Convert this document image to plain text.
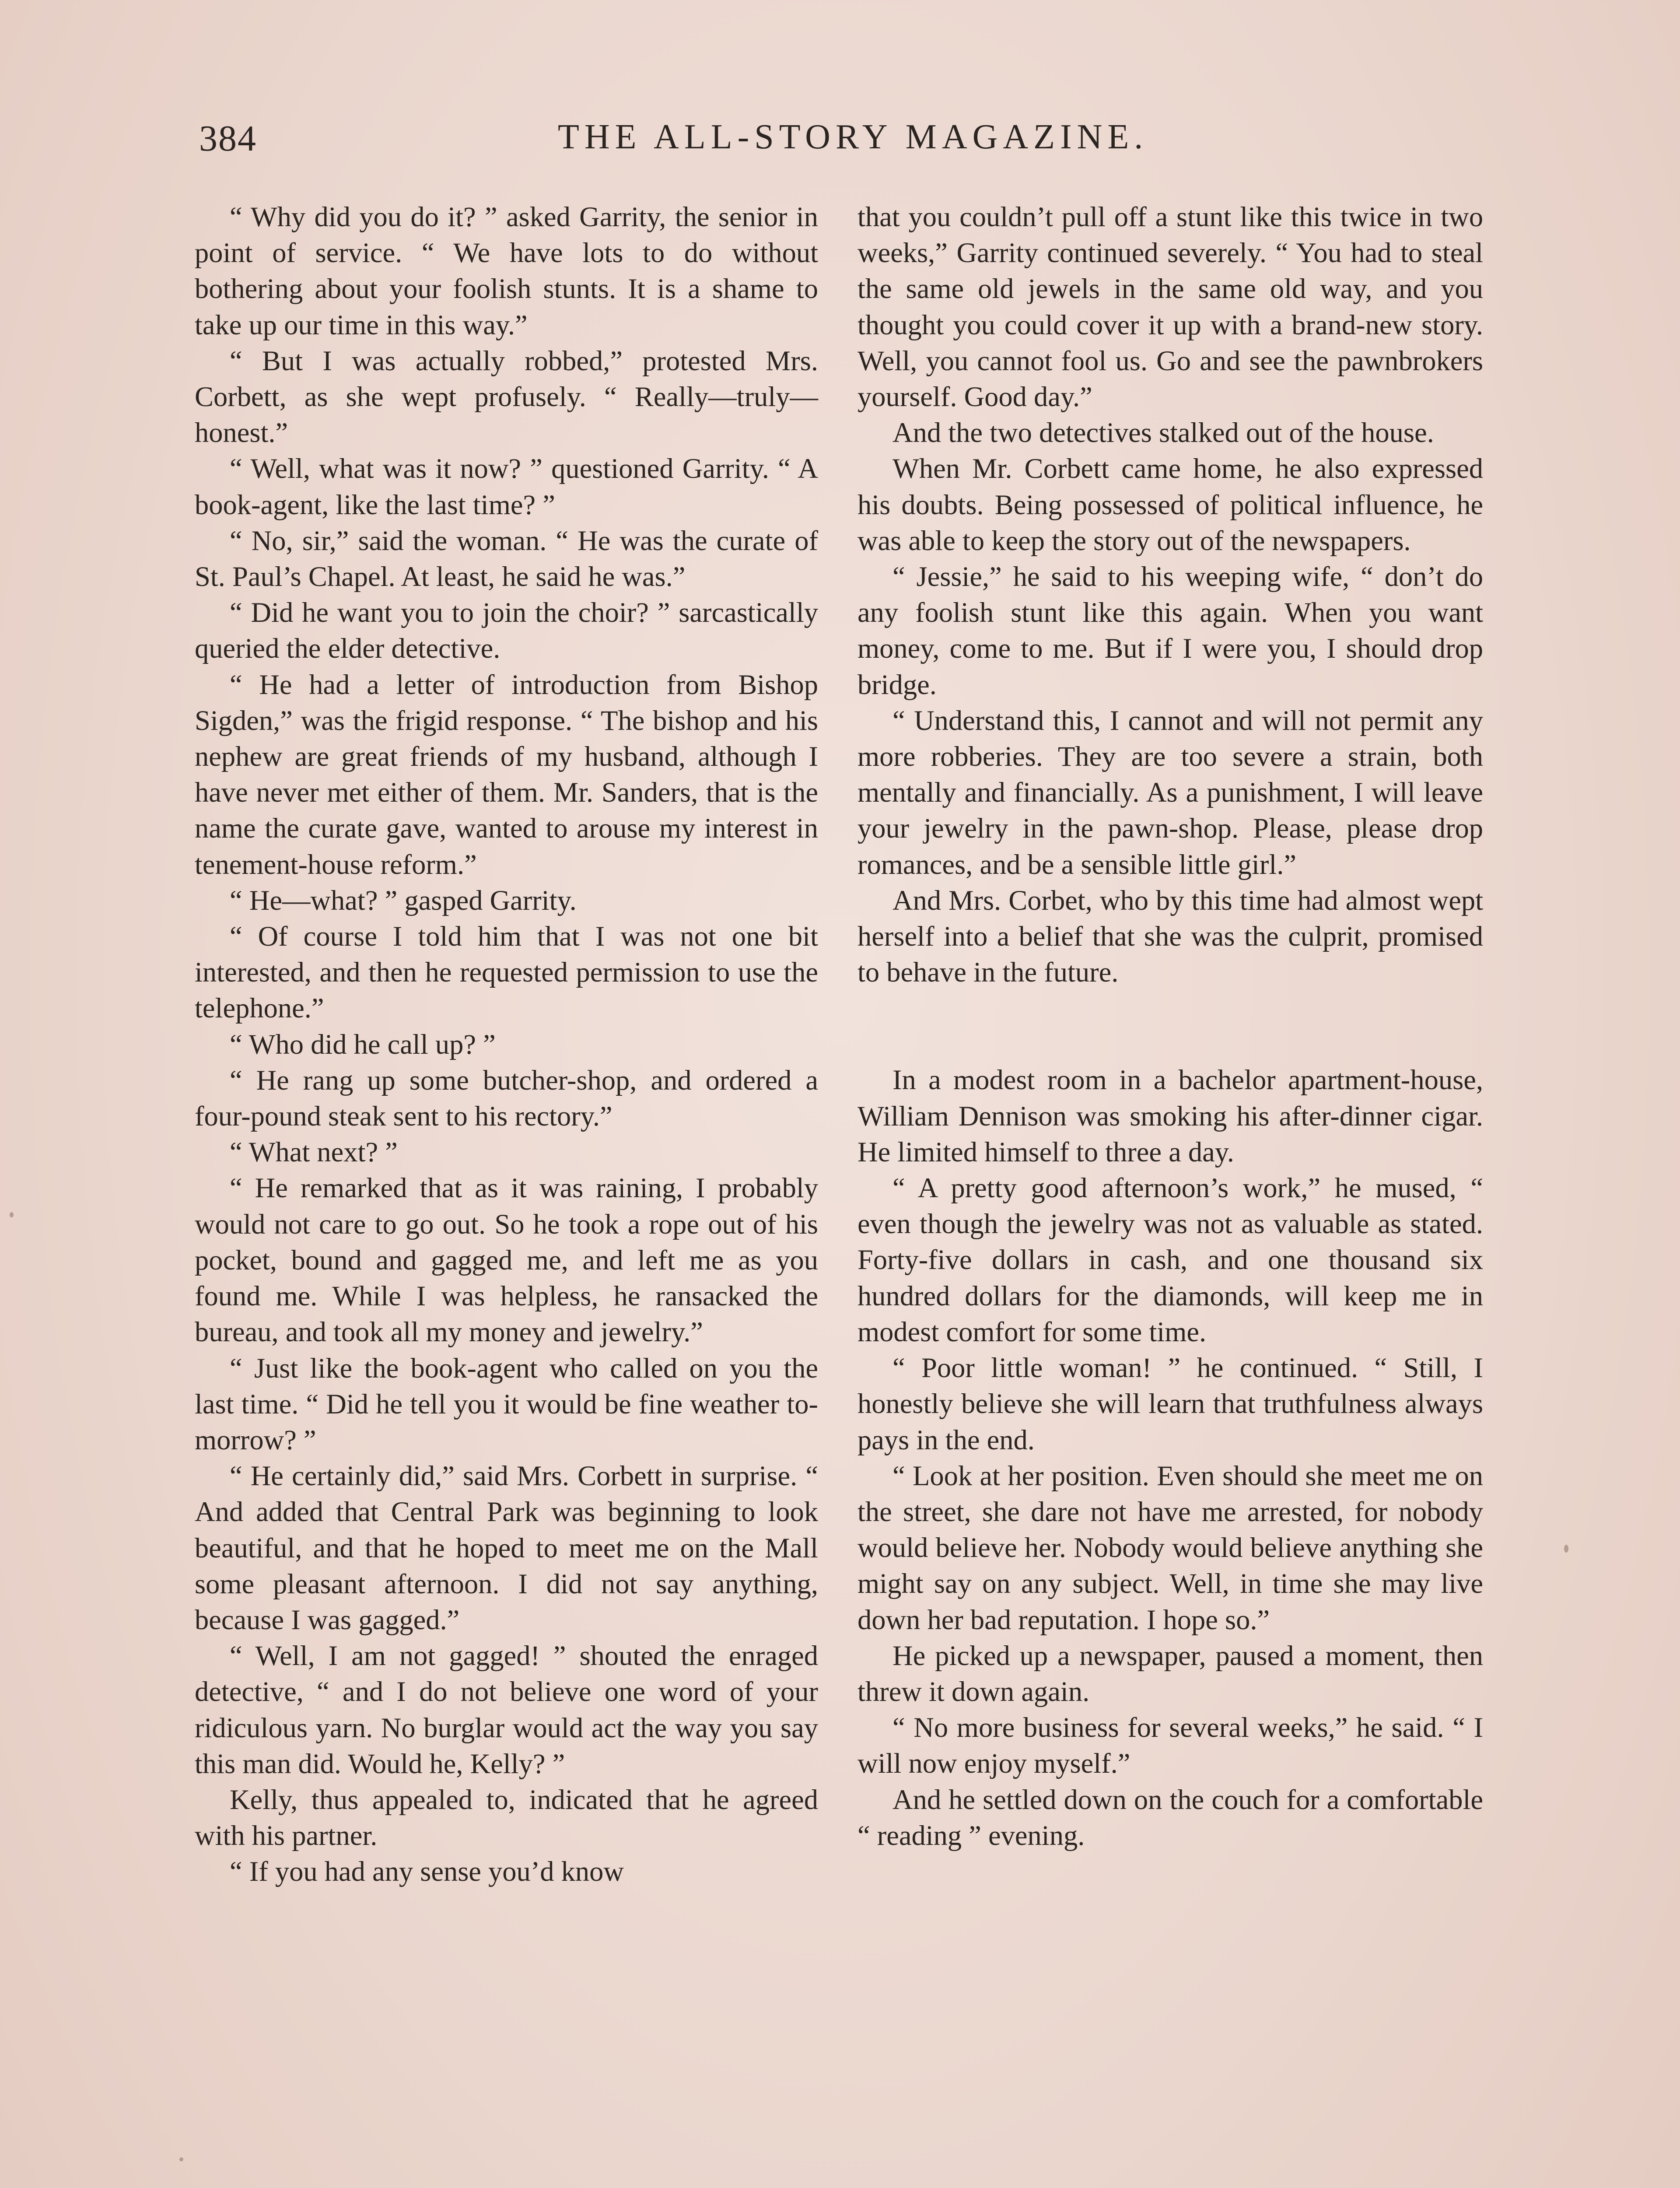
384	THE ALL-STORY MAGAZINE.

“ Why did you do it? ” asked Garrity, the senior in point of service. “ We have lots to do without bothering about your foolish stunts. It is a shame to take up our time in this way.”

“ But I was actually robbed,” protested Mrs. Corbett, as she wept profusely. “ Really—truly—honest.”

“ Well, what was it now? ” questioned Garrity. “ A book-agent, like the last time? ”

“ No, sir,” said the woman. “ He was the curate of St. Paul’s Chapel. At least, he said he was.”

“ Did he want you to join the choir? ” sarcastically queried the elder detective.

“ He had a letter of introduction from Bishop Sigden,” was the frigid response. “ The bishop and his nephew are great friends of my husband, although I have never met either of them. Mr. Sanders, that is the name the curate gave, wanted to arouse my interest in tenement-house reform.”

“ He—what? ” gasped Garrity.

“ Of course I told him that I was not one bit interested, and then he requested permission to use the telephone.”

“ Who did he call up? ”

“ He rang up some butcher-shop, and ordered a four-pound steak sent to his rectory.”

“ What next? ”

“ He remarked that as it was raining, I probably would not care to go out. So he took a rope out of his pocket, bound and gagged me, and left me as you found me. While I was helpless, he ransacked the bureau, and took all my money and jewelry.”

“ Just like the book-agent who called on you the last time. “ Did he tell you it would be fine weather to-morrow? ”

“ He certainly did,” said Mrs. Corbett in surprise. “ And added that Central Park was beginning to look beautiful, and that he hoped to meet me on the Mall some pleasant afternoon. I did not say anything, because I was gagged.”

“ Well, I am not gagged! ” shouted the enraged detective, “ and I do not believe one word of your ridiculous yarn. No burglar would act the way you say this man did. Would he, Kelly? ”

Kelly, thus appealed to, indicated that he agreed with his partner.

“ If you had any sense you’d know

that you couldn’t pull off a stunt like this twice in two weeks,” Garrity continued severely. “ You had to steal the same old jewels in the same old way, and you thought you could cover it up with a brand-new story. Well, you cannot fool us. Go and see the pawnbrokers yourself. Good day.”

And the two detectives stalked out of the house.

When Mr. Corbett came home, he also expressed his doubts. Being possessed of political influence, he was able to keep the story out of the newspapers.

“ Jessie,” he said to his weeping wife, “ don’t do any foolish stunt like this again. When you want money, come to me. But if I were you, I should drop bridge.

“ Understand this, I cannot and will not permit any more robberies. They are too severe a strain, both mentally and financially. As a punishment, I will leave your jewelry in the pawn-shop. Please, please drop romances, and be a sensible little girl.”

And Mrs. Corbet, who by this time had almost wept herself into a belief that she was the culprit, promised to behave in the future.

In a modest room in a bachelor apartment-house, William Dennison was smoking his after-dinner cigar. He limited himself to three a day.

“ A pretty good afternoon’s work,” he mused, “ even though the jewelry was not as valuable as stated. Forty-five dollars in cash, and one thousand six hundred dollars for the diamonds, will keep me in modest comfort for some time.

“ Poor little woman! ” he continued. “ Still, I honestly believe she will learn that truthfulness always pays in the end.

“ Look at her position. Even should she meet me on the street, she dare not have me arrested, for nobody would believe her. Nobody would believe anything she might say on any subject. Well, in time she may live down her bad reputation. I hope so.”

He picked up a newspaper, paused a moment, then threw it down again.

“ No more business for several weeks,” he said. “ I will now enjoy myself.”

And he settled down on the couch for a comfortable “ reading ” evening.
